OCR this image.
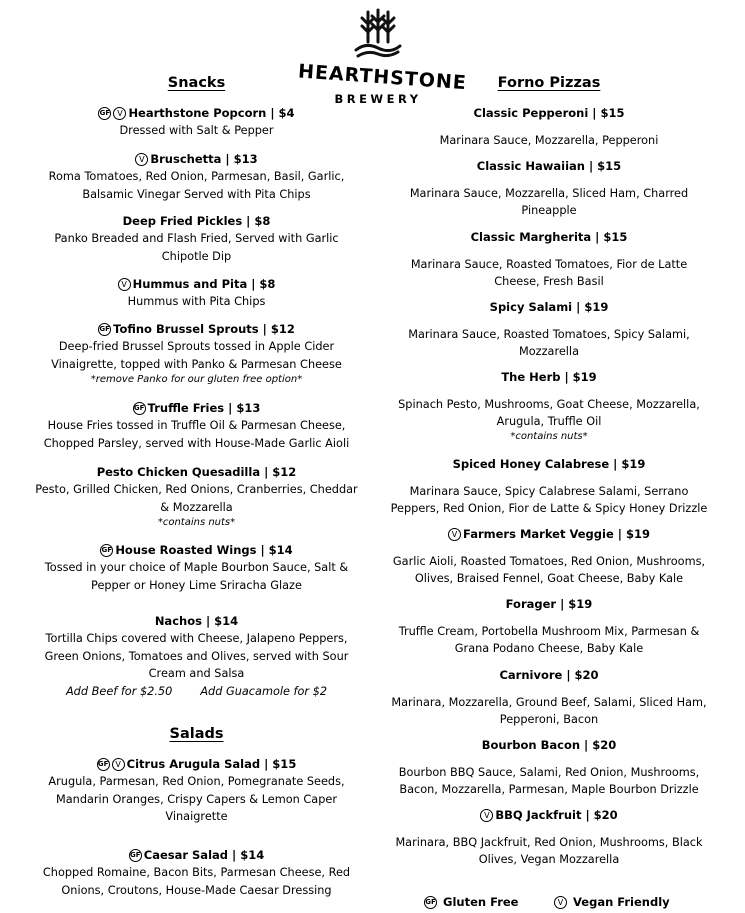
HEARTHSTONE
BREWERY
Snacks
GF V Hearthstone Popcorn | $4
Dressed with Salt & Pepper
V Bruschetta | $13
Roma Tomatoes, Red Onion, Parmesan, Basil, Garlic, Balsamic Vinegar Served with Pita Chips
Deep Fried Pickles | $8
Panko Breaded and Flash Fried, Served with Garlic Chipotle Dip
V Hummus and Pita | $8
Hummus with Pita Chips
GF Tofino Brussel Sprouts | $12
Deep-fried Brussel Sprouts tossed in Apple Cider Vinaigrette, topped with Panko & Parmesan Cheese
*remove Panko for our gluten free option*
GF Truffle Fries | $13
House Fries tossed in Truffle Oil & Parmesan Cheese, Chopped Parsley, served with House-Made Garlic Aioli
Pesto Chicken Quesadilla | $12
Pesto, Grilled Chicken, Red Onions, Cranberries, Cheddar & Mozzarella
*contains nuts*
GF House Roasted Wings | $14
Tossed in your choice of Maple Bourbon Sauce, Salt & Pepper or Honey Lime Sriracha Glaze
Nachos | $14
Tortilla Chips covered with Cheese, Jalapeno Peppers, Green Onions, Tomatoes and Olives, served with Sour Cream and Salsa
Add Beef for $2.50 Add Guacamole for $2
Salads
GF V Citrus Arugula Salad | $15
Arugula, Parmesan, Red Onion, Pomegranate Seeds, Mandarin Oranges, Crispy Capers & Lemon Caper Vinaigrette
GF Caesar Salad | $14
Chopped Romaine, Bacon Bits, Parmesan Cheese, Red Onions, Croutons, House-Made Caesar Dressing
Forno Pizzas
Classic Pepperoni | $15
Marinara Sauce, Mozzarella, Pepperoni
Classic Hawaiian | $15
Marinara Sauce, Mozzarella, Sliced Ham, Charred Pineapple
Classic Margherita | $15
Marinara Sauce, Roasted Tomatoes, Fior de Latte Cheese, Fresh Basil
Spicy Salami | $19
Marinara Sauce, Roasted Tomatoes, Spicy Salami, Mozzarella
The Herb | $19
Spinach Pesto, Mushrooms, Goat Cheese, Mozzarella, Arugula, Truffle Oil
*contains nuts*
Spiced Honey Calabrese | $19
Marinara Sauce, Spicy Calabrese Salami, Serrano Peppers, Red Onion, Fior de Latte & Spicy Honey Drizzle
V Farmers Market Veggie | $19
Garlic Aioli, Roasted Tomatoes, Red Onion, Mushrooms, Olives, Braised Fennel, Goat Cheese, Baby Kale
Forager | $19
Truffle Cream, Portobella Mushroom Mix, Parmesan & Grana Podano Cheese, Baby Kale
Carnivore | $20
Marinara, Mozzarella, Ground Beef, Salami, Sliced Ham, Pepperoni, Bacon
Bourbon Bacon | $20
Bourbon BBQ Sauce, Salami, Red Onion, Mushrooms, Bacon, Mozzarella, Parmesan, Maple Bourbon Drizzle
V BBQ Jackfruit | $20
Marinara, BBQ Jackfruit, Red Onion, Mushrooms, Black Olives, Vegan Mozzarella
GF Gluten Free	V Vegan Friendly
